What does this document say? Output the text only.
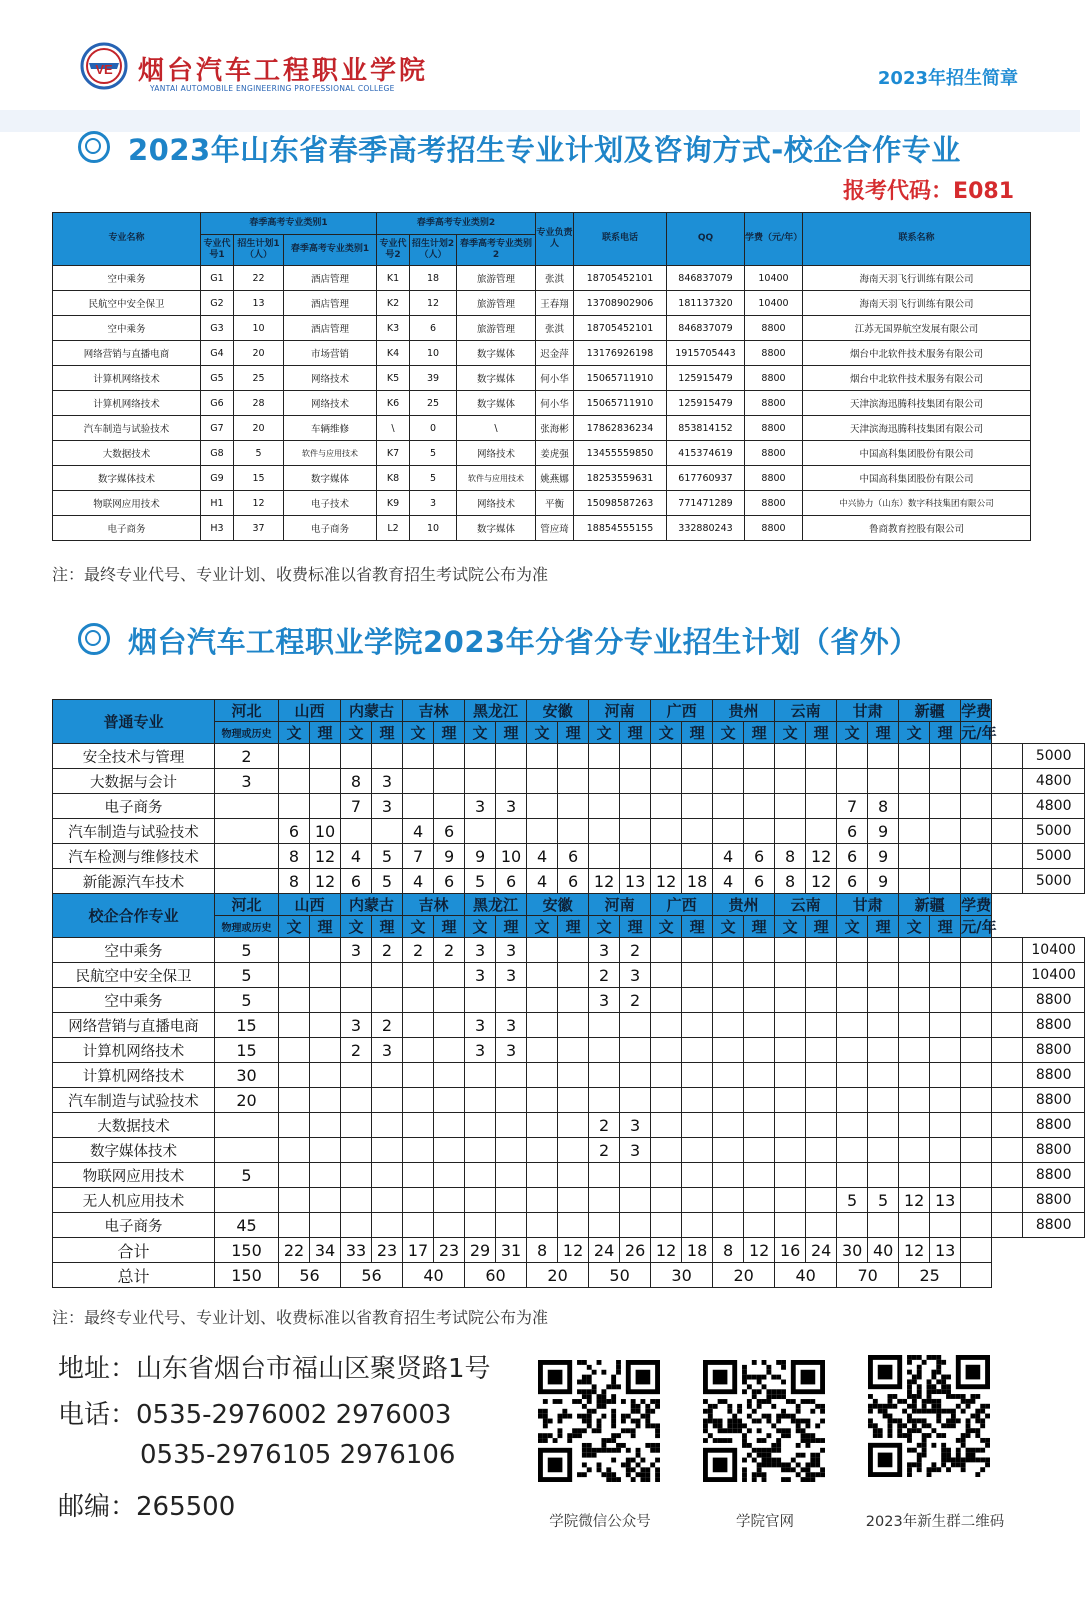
VE 烟台汽车工程职业学院
YANTAI AUTOMOBILE ENGINEERING PROFESSIONAL COLLEGE	2023年招生简章
2023年山东省春季高考招生专业计划及咨询方式-校企合作专业
报考代码：E081
专业名称	春季高考专业类别1			春季高考专业类别2			专业负责人	联系电话	QQ	学费（元/年）	联系名称
	专业代号1	招生计划1（人）	春季高考专业类别1	专业代号2	招生计划2（人）	春季高考专业类别2					
空中乘务	G1	22	酒店管理	K1	18	旅游管理	张淇	18705452101	846837079	10400	海南天羽飞行训练有限公司
民航空中安全保卫	G2	13	酒店管理	K2	12	旅游管理	王春翔	13708902906	181137320	10400	海南天羽飞行训练有限公司
空中乘务	G3	10	酒店管理	K3	6	旅游管理	张淇	18705452101	846837079	8800	江苏无国界航空发展有限公司
网络营销与直播电商	G4	20	市场营销	K4	10	数字媒体	迟金萍	13176926198	1915705443	8800	烟台中北软件技术服务有限公司
计算机网络技术	G5	25	网络技术	K5	39	数字媒体	何小华	15065711910	125915479	8800	烟台中北软件技术服务有限公司
计算机网络技术	G6	28	网络技术	K6	25	数字媒体	何小华	15065711910	125915479	8800	天津滨海迅腾科技集团有限公司
汽车制造与试验技术	G7	20	车辆维修	\	0	\	张海彬	17862836234	853814152	8800	天津滨海迅腾科技集团有限公司
大数据技术	G8	5	软件与应用技术	K7	5	网络技术	姜虎强	13455559850	415374619	8800	中国高科集团股份有限公司
数字媒体技术	G9	15	数字媒体	K8	5	软件与应用技术	姚燕娜	18253559631	617760937	8800	中国高科集团股份有限公司
物联网应用技术	H1	12	电子技术	K9	3	网络技术	平衡	15098587263	771471289	8800	中兴协力（山东）数字科技集团有限公司
电子商务	H3	37	电子商务	L2	10	数字媒体	管应琦	18854555155	332880243	8800	鲁商教育控股有限公司
注：最终专业代号、专业计划、收费标准以省教育招生考试院公布为准
烟台汽车工程职业学院2023年分省分专业招生计划（省外）
普通专业	河北	山西		内蒙古		吉林		黑龙江		安徽		河南		广西		贵州		云南		甘肃		新疆		学费		
	物理或历史	文	理	文	理	文	理	文	理	文	理	文	理	文	理	文	理	文	理	文	理	文	理	元/年		
安全技术与管理	2																									5000
大数据与会计	3			8	3																					4800
电子商务				7	3			3	3											7	8					4800
汽车制造与试验技术		6	10			4	6													6	9					5000
汽车检测与维修技术		8	12	4	5	7	9	9	10	4	6					4	6	8	12	6	9					5000
新能源汽车技术		8	12	6	5	4	6	5	6	4	6	12	13	12	18	4	6	8	12	6	9					5000
校企合作专业	河北	山西		内蒙古		吉林		黑龙江		安徽		河南		广西		贵州		云南		甘肃		新疆		学费		
	物理或历史	文	理	文	理	文	理	文	理	文	理	文	理	文	理	文	理	文	理	文	理	文	理	元/年		
空中乘务	5			3	2	2	2	3	3			3	2													10400
民航空中安全保卫	5							3	3			2	3													10400
空中乘务	5											3	2													8800
网络营销与直播电商	15			3	2			3	3																	8800
计算机网络技术	15			2	3			3	3																	8800
计算机网络技术	30																									8800
汽车制造与试验技术	20																									8800
大数据技术												2	3													8800
数字媒体技术												2	3													8800
物联网应用技术	5																									8800
无人机应用技术																				5	5	12	13			8800
电子商务	45																									8800
合计	150	22	34	33	23	17	23	29	31	8	12	24	26	12	18	8	12	16	24	30	40	12	13			
总计	150	56		56		40		60		20		50		30		20		40		70		25				
注：最终专业代号、专业计划、收费标准以省教育招生考试院公布为准
地址：山东省烟台市福山区聚贤路1号
电话：0535-2976002 2976003
0535-2976105 2976106
邮编：265500	学院微信公众号	学院官网	2023年新生群二维码
